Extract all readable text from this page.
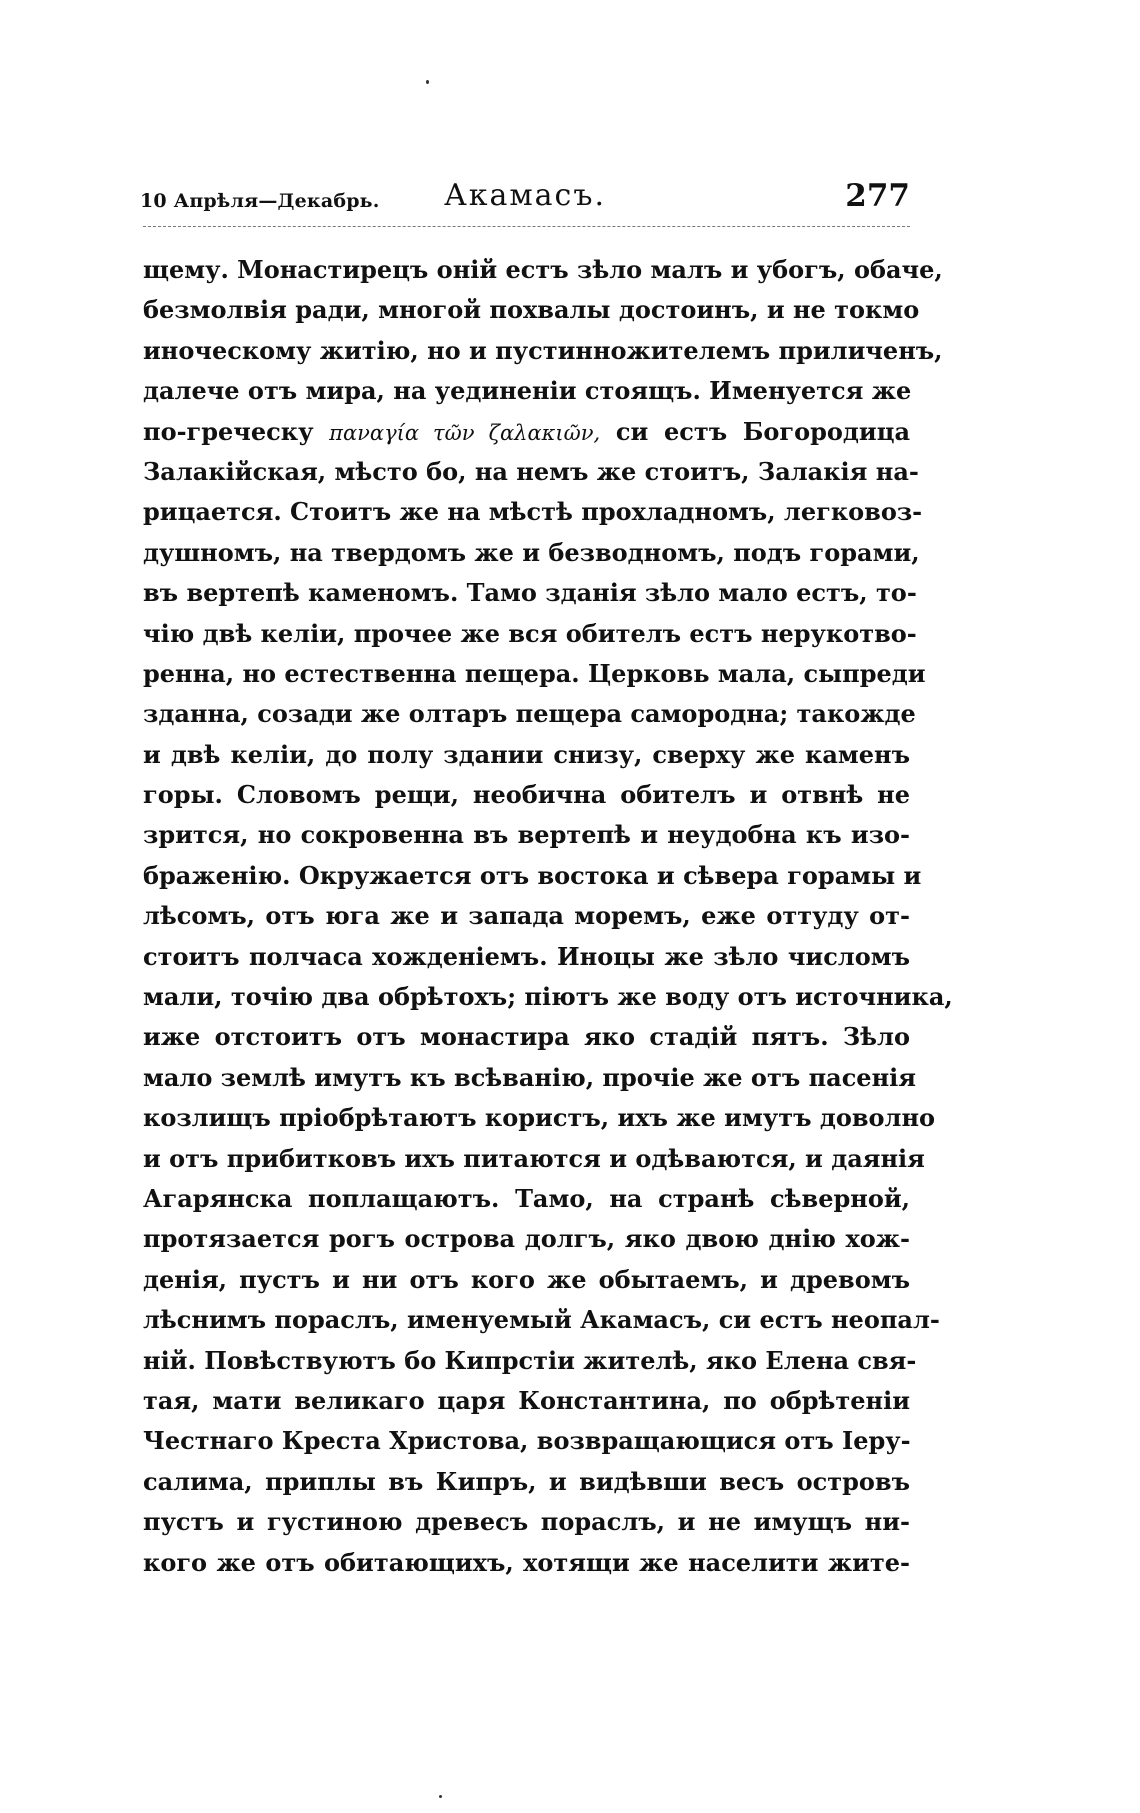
10 Апрѣля—Декабрь.	Акамасъ.	277
щему. Монастирецъ оній естъ зѣло малъ и убогъ, обаче,
безмолвія ради, многой похвалы достоинъ, и не токмо
иноческому житію, но и пустинножителемъ приличенъ,
далече отъ мира, на уединеніи стоящъ. Именуется же
по-гречеcку παναγία τῶν ζαλακιῶν, си естъ Богородица
Залакійская, мѣсто бо, на немъ же стоитъ, Залакія на-
рицается. Стоитъ же на мѣстѣ прохладномъ, легковоз-
душномъ, на твердомъ же и безводномъ, подъ горами,
въ вертепѣ каменомъ. Тамо зданія зѣло мало естъ, то-
чію двѣ келіи, прочее же вся обителъ естъ нерукотво-
ренна, но естественна пещера. Церковь мала, сыпреди
зданна, созади же олтаръ пещера самородна; такожде
и двѣ келіи, до полу здании снизу, сверху же каменъ
горы. Словомъ рещи, необична обителъ и отвнѣ не
зрится, но сокровенна въ вертепѣ и неудобна къ изо-
браженію. Окружается отъ востока и сѣвера горамы и
лѣсомъ, отъ юга же и запада моремъ, еже оттуду от-
стоитъ полчаса хожденіемъ. Иноцы же зѣло числомъ
мали, точію два обрѣтохъ; піютъ же воду отъ источника,
иже отстоитъ отъ монастира яко стадій пятъ. Зѣло
мало землѣ имутъ къ всѣванію, прочіе же отъ пасенія
козлищъ пріобрѣтаютъ користъ, ихъ же имутъ доволно
и отъ прибитковъ ихъ питаются и одѣваются, и даянія
Агарянска поплащаютъ. Тамо, на странѣ сѣверной,
протязается рогъ острова долгъ, яко двою днію хож-
денія, пустъ и ни отъ кого же обытаемъ, и древомъ
лѣснимъ пораслъ, именуемый Акамасъ, си естъ неопал-
ній. Повѣствуютъ бо Кипрстіи жителѣ, яко Елена свя-
тая, мати великаго царя Константина, по обрѣтеніи
Честнаго Креста Христова, возвращающися отъ Іеру-
салима, приплы въ Кипръ, и видѣвши весъ островъ
пустъ и густиною древесъ пораслъ, и не имущъ ни-
кого же отъ обитающихъ, хотящи же населити жите-
